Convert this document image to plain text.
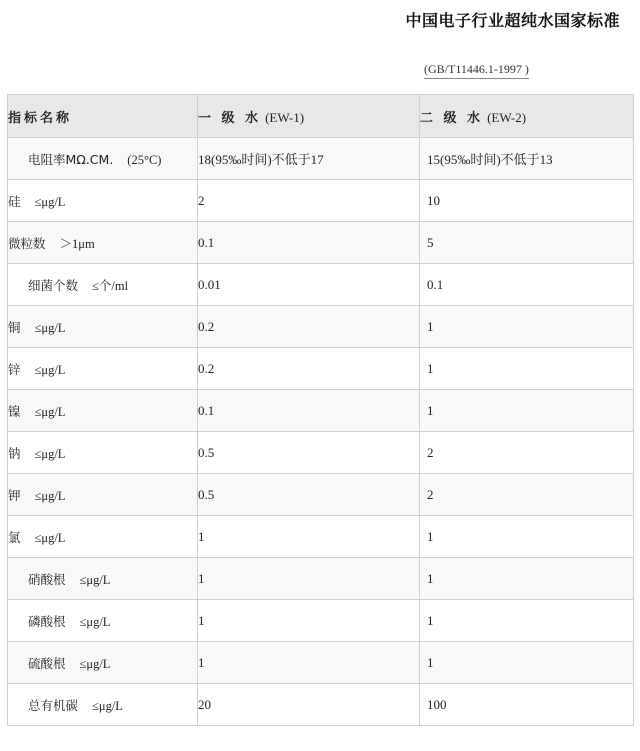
中国电子行业超纯水国家标准
(GB/T11446.1-1997 )
指标名称	一 级 水 (EW-1)	二 级 水 (EW-2)
电阻率MΩ.CM. (25°C)	18(95‰时间)不低于17	15(95‰时间)不低于13
硅 ≤μg/L	2	10
微粒数 ＞1μm	0.1	5
细菌个数 ≤个/ml	0.01	0.1
铜 ≤μg/L	0.2	1
锌 ≤μg/L	0.2	1
镍 ≤μg/L	0.1	1
钠 ≤μg/L	0.5	2
钾 ≤μg/L	0.5	2
氯 ≤μg/L	1	1
硝酸根 ≤μg/L	1	1
磷酸根 ≤μg/L	1	1
硫酸根 ≤μg/L	1	1
总有机碳 ≤μg/L	20	100
